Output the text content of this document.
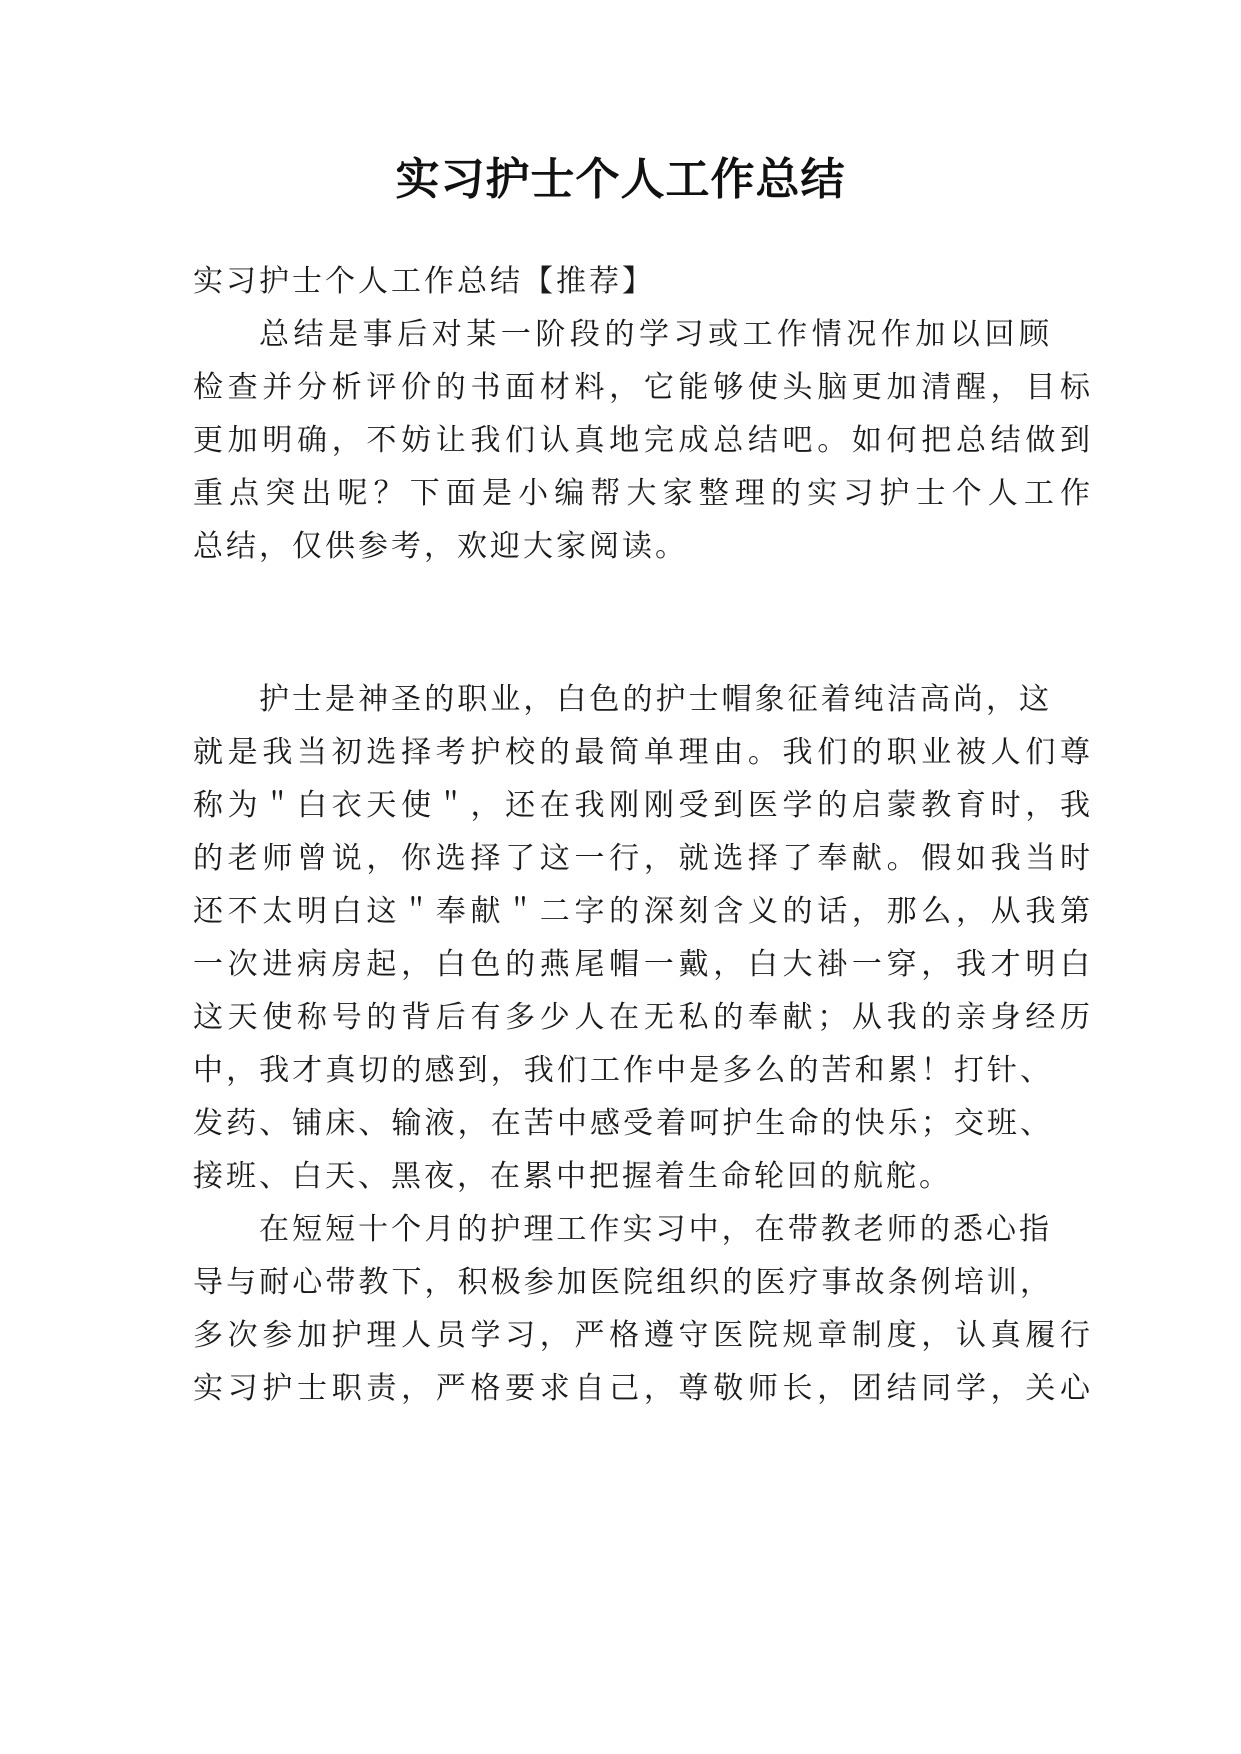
实习护士个人工作总结
实习护士个人工作总结【推荐】
总结是事后对某一阶段的学习或工作情况作加以回顾
检查并分析评价的书面材料，它能够使头脑更加清醒，目标
更加明确，不妨让我们认真地完成总结吧。如何把总结做到
重点突出呢？下面是小编帮大家整理的实习护士个人工作
总结，仅供参考，欢迎大家阅读。
护士是神圣的职业，白色的护士帽象征着纯洁高尚，这
就是我当初选择考护校的最简单理由。我们的职业被人们尊
称为＂白衣天使＂，还在我刚刚受到医学的启蒙教育时，我
的老师曾说，你选择了这一行，就选择了奉献。假如我当时
还不太明白这＂奉献＂二字的深刻含义的话，那么，从我第
一次进病房起，白色的燕尾帽一戴，白大褂一穿，我才明白
这天使称号的背后有多少人在无私的奉献；从我的亲身经历
中，我才真切的感到，我们工作中是多么的苦和累！打针、
发药、铺床、输液，在苦中感受着呵护生命的快乐；交班、
接班、白天、黑夜，在累中把握着生命轮回的航舵。
在短短十个月的护理工作实习中，在带教老师的悉心指
导与耐心带教下，积极参加医院组织的医疗事故条例培训，
多次参加护理人员学习，严格遵守医院规章制度，认真履行
实习护士职责，严格要求自己，尊敬师长，团结同学，关心
